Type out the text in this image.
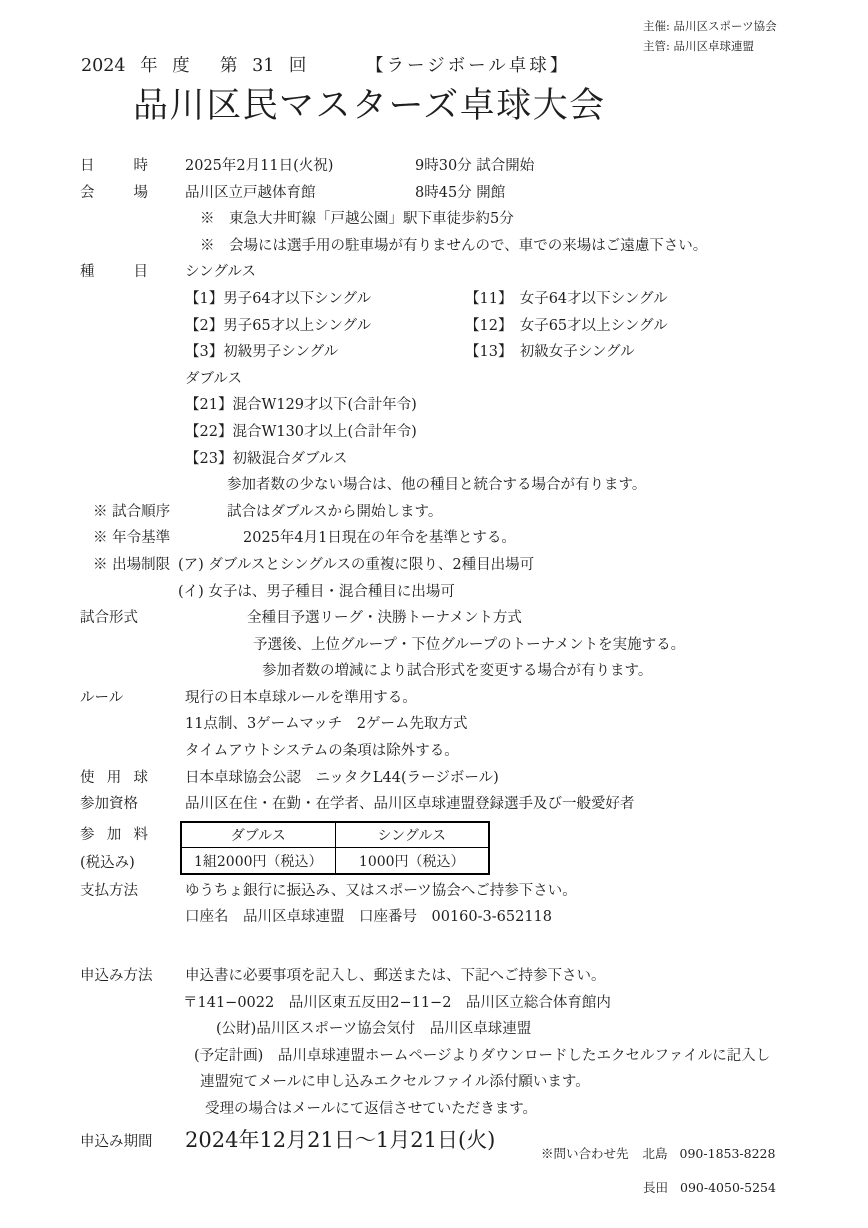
主催: 品川区スポーツ協会
主管: 品川区卓球連盟
2024 年 度 第 31 回	【ラージボール卓球】
品川区民マスターズ卓球大会
日時	2025年2月11日(火祝)	9時30分 試合開始
会場	品川区立戸越体育館	8時45分 開館
※　東急大井町線「戸越公園」駅下車徒歩約5分
※　会場には選手用の駐車場が有りませんので、車での来場はご遠慮下さい。
種目	シングルス
【1】男子64才以下シングル	【11】　女子64才以下シングル
【2】男子65才以上シングル	【12】　女子65才以上シングル
【3】初級男子シングル	【13】　初級女子シングル
ダブルス
【21】混合W129才以下(合計年令)
【22】混合W130才以上(合計年令)
【23】初級混合ダブルス
参加者数の少ない場合は、他の種目と統合する場合が有ります。
※ 試合順序	試合はダブルスから開始します。
※ 年令基準	2025年4月1日現在の年令を基準とする。
※ 出場制限 (ア) ダブルスとシングルスの重複に限り、2種目出場可
(イ) 女子は、男子種目・混合種目に出場可
試合形式	全種目予選リーグ・決勝トーナメント方式
予選後、上位グループ・下位グループのトーナメントを実施する。
参加者数の増減により試合形式を変更する場合が有ります。
ルール	現行の日本卓球ルールを準用する。
11点制、3ゲームマッチ　2ゲーム先取方式
タイムアウトシステムの条項は除外する。
使用球	日本卓球協会公認　ニッタクL44(ラージボール)
参加資格	品川区在住・在勤・在学者、品川区卓球連盟登録選手及び一般愛好者
参加料
(税込み)
ダブルス	シングルス
1組2000円（税込）	1000円（税込）
支払方法	ゆうちょ銀行に振込み、又はスポーツ協会へご持参下さい。
口座名　品川区卓球連盟　口座番号　00160-3-652118
申込み方法 申込書に必要事項を記入し、郵送または、下記へご持参下さい。
〒141−0022　品川区東五反田2−11−2　品川区立総合体育館内
(公財)品川区スポーツ協会気付　品川区卓球連盟
(予定計画)　品川卓球連盟ホームページよりダウンロードしたエクセルファイルに記入し
連盟宛てメールに申し込みエクセルファイル添付願います。
受理の場合はメールにて返信させていただきます。
申込み期間 2024年12月21日～1月21日(火)
※問い合わせ先 北島 090-1853-8228
長田 090-4050-5254
